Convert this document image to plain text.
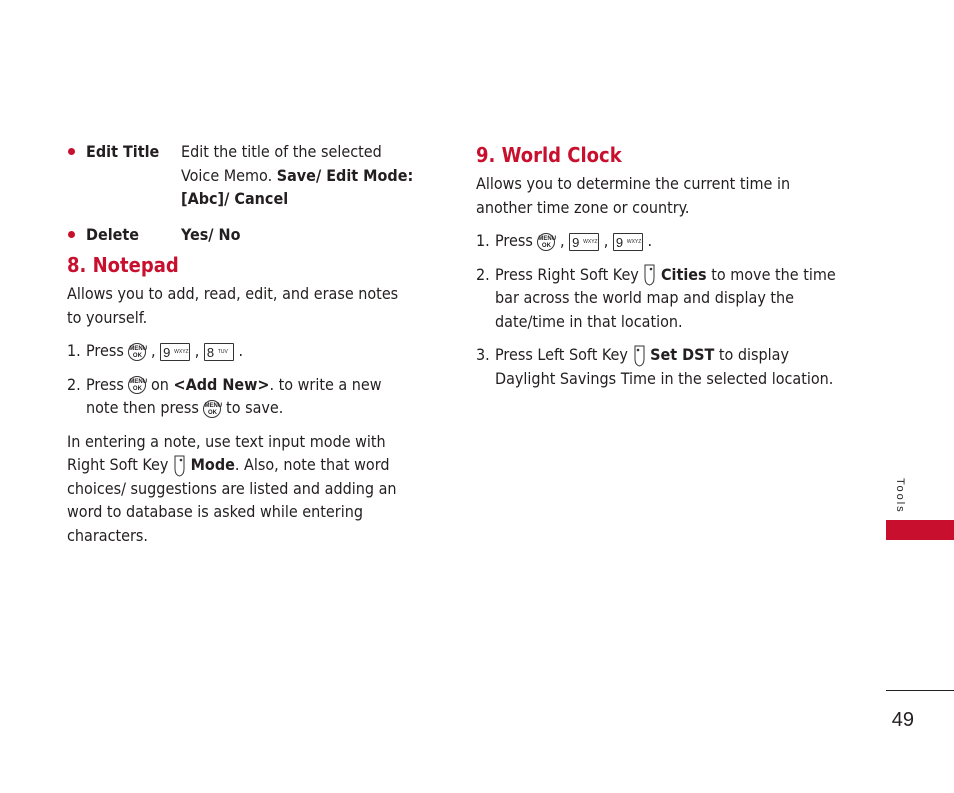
Edit Title Edit the title of the selected Voice Memo. Save/ Edit Mode: [Abc]/ Cancel
Delete	Yes/ No
8. Notepad

Allows you to add, read, edit, and erase notes to yourself.

1. Press MENU
OK , 9 WXYZ , 8 TUV .
2. Press MENU
OK on <Add New>. to write a new note then press MENU
OK to save.

In entering a note, use text input mode with Right Soft Key Mode. Also, note that word choices/ suggestions are listed and adding an word to database is asked while entering characters.

9. World Clock

Allows you to determine the current time in another time zone or country.

1. Press MENU
OK , 9 WXYZ , 9 WXYZ .
2. Press Right Soft Key Cities to move the time bar across the world map and display the date/time in that location.
3. Press Left Soft Key Set DST to display Daylight Savings Time in the selected location.
Tools
49
